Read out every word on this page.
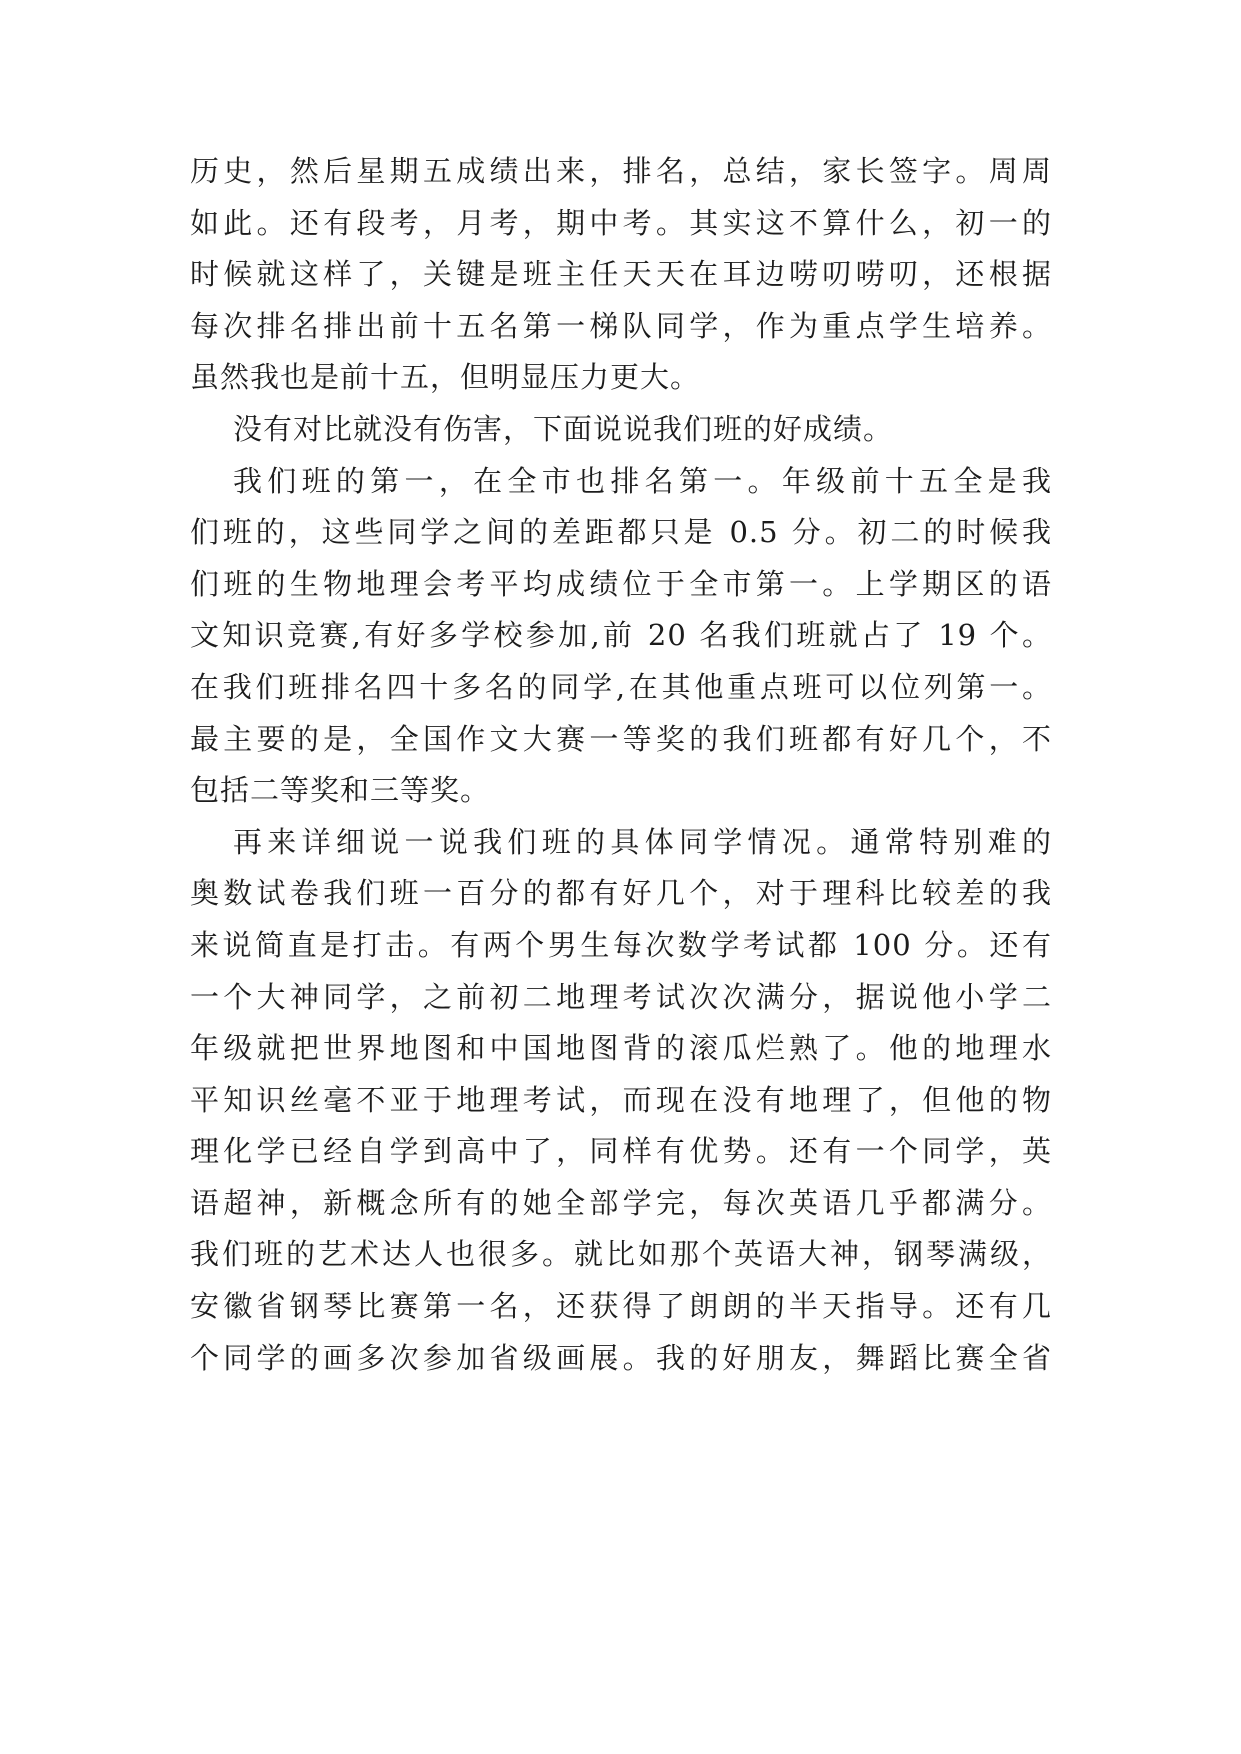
历史，然后星期五成绩出来，排名，总结，家长签字。周周
如此。还有段考，月考，期中考。其实这不算什么，初一的
时候就这样了，关键是班主任天天在耳边唠叨唠叨，还根据
每次排名排出前十五名第一梯队同学，作为重点学生培养。
虽然我也是前十五，但明显压力更大。
没有对比就没有伤害，下面说说我们班的好成绩。
我们班的第一，在全市也排名第一。年级前十五全是我
们班的，这些同学之间的差距都只是 0.5 分。初二的时候我
们班的生物地理会考平均成绩位于全市第一。上学期区的语
文知识竞赛,有好多学校参加,前 20 名我们班就占了 19 个。
在我们班排名四十多名的同学,在其他重点班可以位列第一。
最主要的是，全国作文大赛一等奖的我们班都有好几个，不
包括二等奖和三等奖。
再来详细说一说我们班的具体同学情况。通常特别难的
奥数试卷我们班一百分的都有好几个，对于理科比较差的我
来说简直是打击。有两个男生每次数学考试都 100 分。还有
一个大神同学，之前初二地理考试次次满分，据说他小学二
年级就把世界地图和中国地图背的滚瓜烂熟了。他的地理水
平知识丝毫不亚于地理考试，而现在没有地理了，但他的物
理化学已经自学到高中了，同样有优势。还有一个同学，英
语超神，新概念所有的她全部学完，每次英语几乎都满分。
我们班的艺术达人也很多。就比如那个英语大神，钢琴满级，
安徽省钢琴比赛第一名，还获得了朗朗的半天指导。还有几
个同学的画多次参加省级画展。我的好朋友，舞蹈比赛全省
